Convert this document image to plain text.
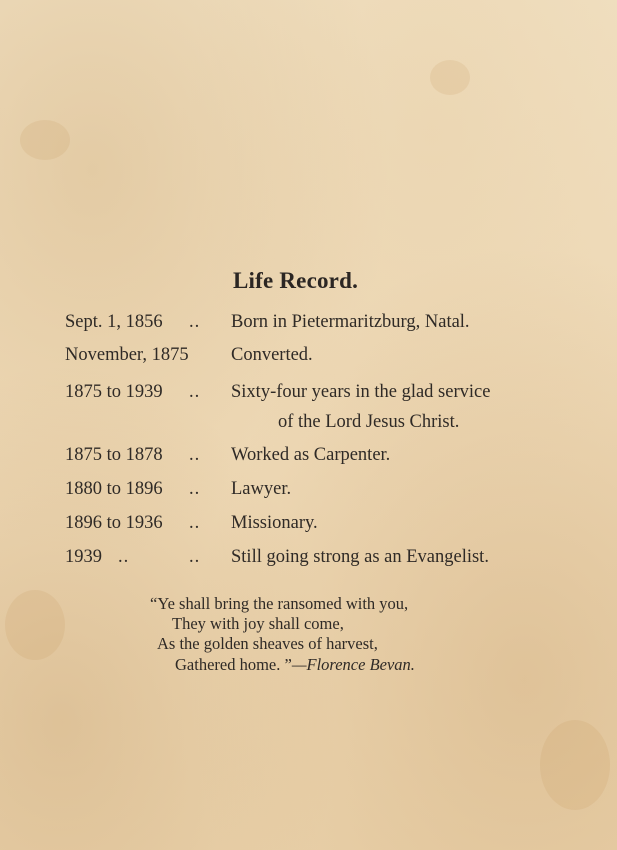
Life Record.
Sept. 1, 1856 .. Born in Pietermaritzburg, Natal.
November, 1875 Converted.
1875 to 1939 .. Sixty-four years in the glad service
of the Lord Jesus Christ.
1875 to 1878 .. Worked as Carpenter.
1880 to 1896 .. Lawyer.
1896 to 1936 .. Missionary.
1939 ..	.. Still going strong as an Evangelist.
“Ye shall bring the ransomed with you,
They with joy shall come,
As the golden sheaves of harvest,
Gathered home. ”—Florence Bevan.
